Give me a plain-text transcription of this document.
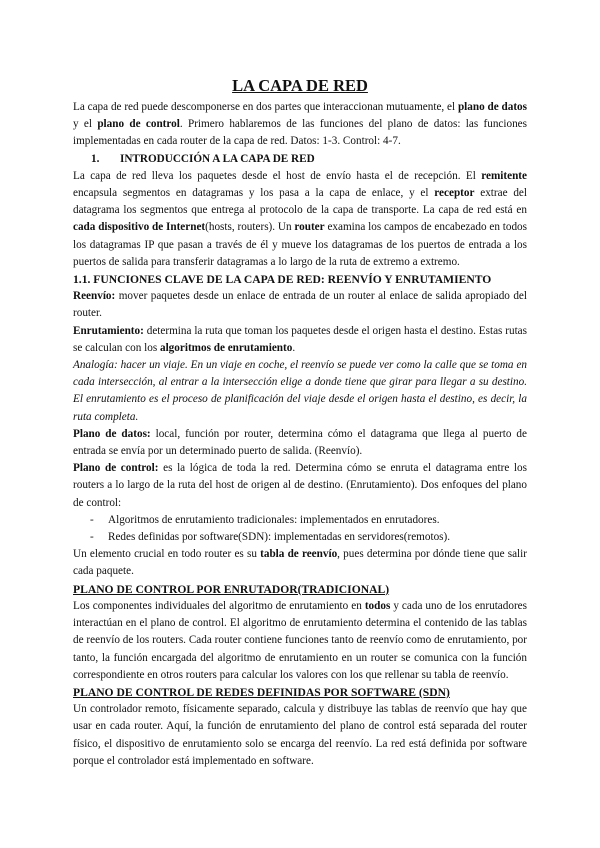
LA CAPA DE RED

La capa de red puede descomponerse en dos partes que interaccionan mutuamente, el plano de datos y el plano de control. Primero hablaremos de las funciones del plano de datos: las funciones implementadas en cada router de la capa de red. Datos: 1-3. Control: 4-7.

1. INTRODUCCIÓN A LA CAPA DE RED

La capa de red lleva los paquetes desde el host de envío hasta el de recepción. El remitente encapsula segmentos en datagramas y los pasa a la capa de enlace, y el receptor extrae del datagrama los segmentos que entrega al protocolo de la capa de transporte. La capa de red está en cada dispositivo de Internet(hosts, routers). Un router examina los campos de encabezado en todos los datagramas IP que pasan a través de él y mueve los datagramas de los puertos de entrada a los puertos de salida para transferir datagramas a lo largo de la ruta de extremo a extremo.

1.1. FUNCIONES CLAVE DE LA CAPA DE RED: REENVÍO Y ENRUTAMIENTO

Reenvío: mover paquetes desde un enlace de entrada de un router al enlace de salida apropiado del router.

Enrutamiento: determina la ruta que toman los paquetes desde el origen hasta el destino. Estas rutas se calculan con los algoritmos de enrutamiento.

Analogía: hacer un viaje. En un viaje en coche, el reenvío se puede ver como la calle que se toma en cada intersección, al entrar a la intersección elige a donde tiene que girar para llegar a su destino. El enrutamiento es el proceso de planificación del viaje desde el origen hasta el destino, es decir, la ruta completa.

Plano de datos: local, función por router, determina cómo el datagrama que llega al puerto de entrada se envía por un determinado puerto de salida. (Reenvío).

Plano de control: es la lógica de toda la red. Determina cómo se enruta el datagrama entre los routers a lo largo de la ruta del host de origen al de destino. (Enrutamiento). Dos enfoques del plano de control:

- Algoritmos de enrutamiento tradicionales: implementados en enrutadores.
- Redes definidas por software(SDN): implementadas en servidores(remotos).

Un elemento crucial en todo router es su tabla de reenvío, pues determina por dónde tiene que salir cada paquete.

PLANO DE CONTROL POR ENRUTADOR(TRADICIONAL)

Los componentes individuales del algoritmo de enrutamiento en todos y cada uno de los enrutadores interactúan en el plano de control. El algoritmo de enrutamiento determina el contenido de las tablas de reenvío de los routers. Cada router contiene funciones tanto de reenvío como de enrutamiento, por tanto, la función encargada del algoritmo de enrutamiento en un router se comunica con la función correspondiente en otros routers para calcular los valores con los que rellenar su tabla de reenvío.

PLANO DE CONTROL DE REDES DEFINIDAS POR SOFTWARE (SDN)

Un controlador remoto, físicamente separado, calcula y distribuye las tablas de reenvío que hay que usar en cada router. Aquí, la función de enrutamiento del plano de control está separada del router físico, el dispositivo de enrutamiento solo se encarga del reenvío. La red está definida por software porque el controlador está implementado en software.
